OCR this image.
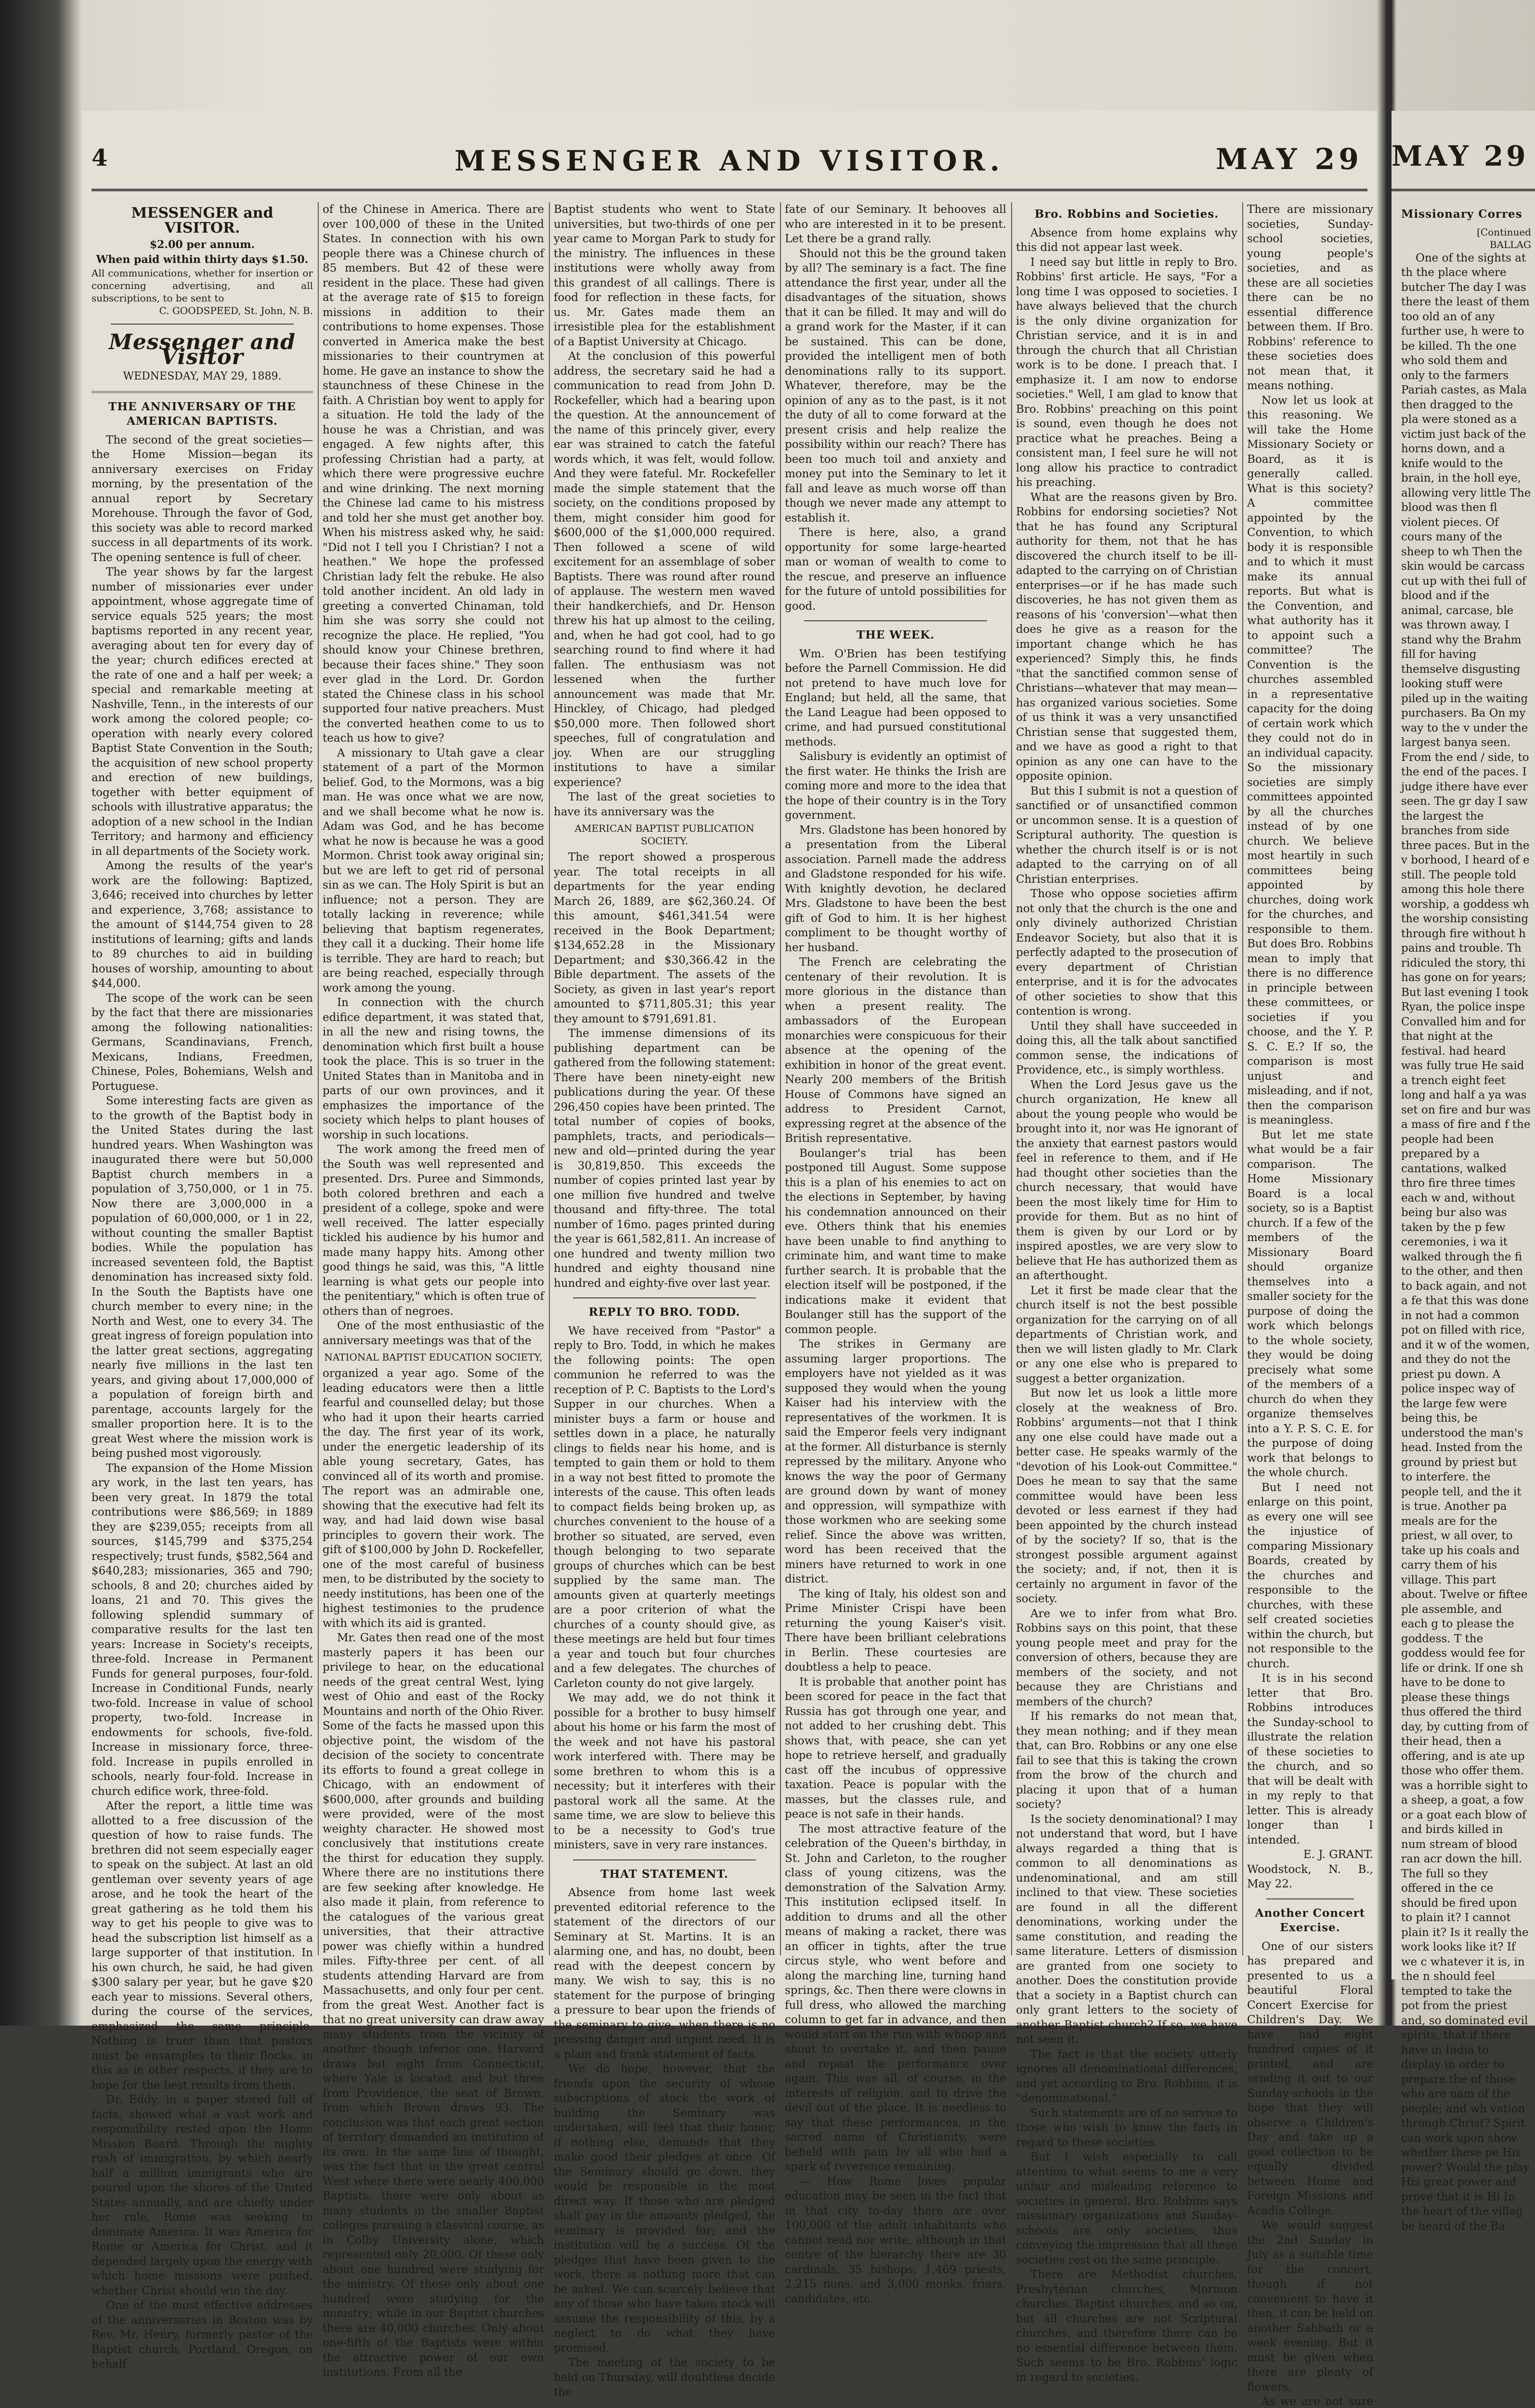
4	MESSENGER AND VISITOR.	MAY 29
MESSENGER and VISITOR.
$2.00 per annum.
When paid within thirty days $1.50.
All communications, whether for insertion or concerning advertising, and all subscriptions, to be sent to
C. GOODSPEED, St. John, N. B.
Messenger and Visitor
WEDNESDAY, MAY 29, 1889.
THE ANNIVERSARY OF THE AMERICAN BAPTISTS.

The second of the great societies—the Home Mission—began its anniversary exercises on Friday morning, by the presentation of the annual report by Secretary Morehouse. Through the favor of God, this society was able to record marked success in all departments of its work. The opening sentence is full of cheer.

The year shows by far the largest number of missionaries ever under appointment, whose aggregate time of service equals 525 years; the most baptisms reported in any recent year, averaging about ten for every day of the year; church edifices erected at the rate of one and a half per week; a special and remarkable meeting at Nashville, Tenn., in the interests of our work among the colored people; co-operation with nearly every colored Baptist State Convention in the South; the acquisition of new school property and erection of new buildings, together with better equipment of schools with illustrative apparatus; the adoption of a new school in the Indian Territory; and harmony and efficiency in all departments of the Society work.

Among the results of the year's work are the following: Baptized, 3,646; received into churches by letter and experience, 3,768; assistance to the amount of $144,754 given to 28 institutions of learning; gifts and lands to 89 churches to aid in building houses of worship, amounting to about $44,000.

The scope of the work can be seen by the fact that there are missionaries among the following nationalities: Germans, Scandinavians, French, Mexicans, Indians, Freedmen, Chinese, Poles, Bohemians, Welsh and Portuguese.

Some interesting facts are given as to the growth of the Baptist body in the United States during the last hundred years. When Washington was inaugurated there were but 50,000 Baptist church members in a population of 3,750,000, or 1 in 75. Now there are 3,000,000 in a population of 60,000,000, or 1 in 22, without counting the smaller Baptist bodies. While the population has increased seventeen fold, the Baptist denomination has increased sixty fold. In the South the Baptists have one church member to every nine; in the North and West, one to every 34. The great ingress of foreign population into the latter great sections, aggregating nearly five millions in the last ten years, and giving about 17,000,000 of a population of foreign birth and parentage, accounts largely for the smaller proportion here. It is to the great West where the mission work is being pushed most vigorously.

The expansion of the Home Mission ary work, in the last ten years, has been very great. In 1879 the total contributions were $86,569; in 1889 they are $239,055; receipts from all sources, $145,799 and $375,254 respectively; trust funds, $582,564 and $640,283; missionaries, 365 and 790; schools, 8 and 20; churches aided by loans, 21 and 70. This gives the following splendid summary of comparative results for the last ten years: Increase in Society's receipts, three-fold. Increase in Permanent Funds for general purposes, four-fold. Increase in Conditional Funds, nearly two-fold. Increase in value of school property, two-fold. Increase in endowments for schools, five-fold. Increase in missionary force, three-fold. Increase in pupils enrolled in schools, nearly four-fold. Increase in church edifice work, three-fold.

After the report, a little time was allotted to a free discussion of the question of how to raise funds. The brethren did not seem especially eager to speak on the subject. At last an old gentleman over seventy years of age arose, and he took the heart of the great gathering as he told them his way to get his people to give was to head the subscription list himself as a large supporter of that institution. In his own church, he said, he had given $300 salary per year, but he gave $20 each year to missions. Several others, during the course of the services, emphasized the same principle. Nothing is truer than that pastors must be ensamples to their flocks, in this as in other respects, if they are to hope for the best results from them.

Dr. Eddy, in a paper stored full of facts, showed what a vast work and responsibility rested upon the Home Mission Board. Through the mighty rush of immigration, by which nearly half a million immigrants who are poured upon the shores of the United States annually, and are chiefly under her rule, Rome was seeking to dominate America. It was America for Rome or America for Christ, and it depended largely upon the energy with which home missions were pushed, whether Christ should win the day.

One of the most effective addresses of the anniversaries in Boston was by Rev. Mr. Henry, formerly pastor of the Baptist church, Portland, Oregon, on behalf

of the Chinese in America. There are over 100,000 of these in the United States. In connection with his own people there was a Chinese church of 85 members. But 42 of these were resident in the place. These had given at the average rate of $15 to foreign missions in addition to their contributions to home expenses. Those converted in America make the best missionaries to their countrymen at home. He gave an instance to show the staunchness of these Chinese in the faith. A Christian boy went to apply for a situation. He told the lady of the house he was a Christian, and was engaged. A few nights after, this professing Christian had a party, at which there were progressive euchre and wine drinking. The next morning the Chinese lad came to his mistress and told her she must get another boy. When his mistress asked why, he said: "Did not I tell you I Christian? I not a heathen." We hope the professed Christian lady felt the rebuke. He also told another incident. An old lady in greeting a converted Chinaman, told him she was sorry she could not recognize the place. He replied, "You should know your Chinese brethren, because their faces shine." They soon ever glad in the Lord. Dr. Gordon stated the Chinese class in his school supported four native preachers. Must the converted heathen come to us to teach us how to give?

A missionary to Utah gave a clear statement of a part of the Mormon belief. God, to the Mormons, was a big man. He was once what we are now, and we shall become what he now is. Adam was God, and he has become what he now is because he was a good Mormon. Christ took away original sin; but we are left to get rid of personal sin as we can. The Holy Spirit is but an influence; not a person. They are totally lacking in reverence; while believing that baptism regenerates, they call it a ducking. Their home life is terrible. They are hard to reach; but are being reached, especially through work among the young.

In connection with the church edifice department, it was stated that, in all the new and rising towns, the denomination which first built a house took the place. This is so truer in the United States than in Manitoba and in parts of our own provinces, and it emphasizes the importance of the society which helps to plant houses of worship in such locations.

The work among the freed men of the South was well represented and presented. Drs. Puree and Simmonds, both colored brethren and each a president of a college, spoke and were well received. The latter especially tickled his audience by his humor and made many happy hits. Among other good things he said, was this, "A little learning is what gets our people into the penitentiary," which is often true of others than of negroes.

One of the most enthusiastic of the anniversary meetings was that of the

NATIONAL BAPTIST EDUCATION SOCIETY,

organized a year ago. Some of the leading educators were then a little fearful and counselled delay; but those who had it upon their hearts carried the day. The first year of its work, under the energetic leadership of its able young secretary, Gates, has convinced all of its worth and promise. The report was an admirable one, showing that the executive had felt its way, and had laid down wise basal principles to govern their work. The gift of $100,000 by John D. Rockefeller, one of the most careful of business men, to be distributed by the society to needy institutions, has been one of the highest testimonies to the prudence with which its aid is granted.

Mr. Gates then read one of the most masterly papers it has been our privilege to hear, on the educational needs of the great central West, lying west of Ohio and east of the Rocky Mountains and north of the Ohio River. Some of the facts he massed upon this objective point, the wisdom of the decision of the society to concentrate its efforts to found a great college in Chicago, with an endowment of $600,000, after grounds and building were provided, were of the most weighty character. He showed most conclusively that institutions create the thirst for education they supply. Where there are no institutions there are few seeking after knowledge. He also made it plain, from reference to the catalogues of the various great universities, that their attractive power was chiefly within a hundred miles. Fifty-three per cent. of all students attending Harvard are from Massachusetts, and only four per cent. from the great West. Another fact is that no great university can draw away many students from the vicinity of another though inferior one. Harvard draws but eight from Connecticut, where Yale is located, and but three from Providence, the seat of Brown, from which Brown draws 93. The conclusion was that each great section of territory demanded an institution of its own. In the same line of thought, was the fact that in the great central West where there were nearly 400,000 Baptists, there were only about as many students in the smaller Baptist colleges pursuing a classical course, as in Colby University alone, which represented only 20,000. Of these only about one hundred were studying for the ministry. Of these only about one hundred were studying for the ministry; while in our Baptist churches there are 40,000 churches. Only about one-fifth of the Baptists were within the attractive power of our own institutions. From all the

Baptist students who went to State universities, but two-thirds of one per year came to Morgan Park to study for the ministry. The influences in these institutions were wholly away from this grandest of all callings. There is food for reflection in these facts, for us. Mr. Gates made them an irresistible plea for the establishment of a Baptist University at Chicago.

At the conclusion of this powerful address, the secretary said he had a communication to read from John D. Rockefeller, which had a bearing upon the question. At the announcement of the name of this princely giver, every ear was strained to catch the fateful words which, it was felt, would follow. And they were fateful. Mr. Rockefeller made the simple statement that the society, on the conditions proposed by them, might consider him good for $600,000 of the $1,000,000 required. Then followed a scene of wild excitement for an assemblage of sober Baptists. There was round after round of applause. The western men waved their handkerchiefs, and Dr. Henson threw his hat up almost to the ceiling, and, when he had got cool, had to go searching round to find where it had fallen. The enthusiasm was not lessened when the further announcement was made that Mr. Hinckley, of Chicago, had pledged $50,000 more. Then followed short speeches, full of congratulation and joy. When are our struggling institutions to have a similar experience?

The last of the great societies to have its anniversary was the

AMERICAN BAPTIST PUBLICATION SOCIETY.

The report showed a prosperous year. The total receipts in all departments for the year ending March 26, 1889, are $62,360.24. Of this amount, $461,341.54 were received in the Book Department; $134,652.28 in the Missionary Department; and $30,366.42 in the Bible department. The assets of the Society, as given in last year's report amounted to $711,805.31; this year they amount to $791,691.81.

The immense dimensions of its publishing department can be gathered from the following statement: There have been ninety-eight new publications during the year. Of these 296,450 copies have been printed. The total number of copies of books, pamphlets, tracts, and periodicals—new and old—printed during the year is 30,819,850. This exceeds the number of copies printed last year by one million five hundred and twelve thousand and fifty-three. The total number of 16mo. pages printed during the year is 661,582,811. An increase of one hundred and twenty million two hundred and eighty thousand nine hundred and eighty-five over last year.

REPLY TO BRO. TODD.

We have received from "Pastor" a reply to Bro. Todd, in which he makes the following points: The open communion he referred to was the reception of P. C. Baptists to the Lord's Supper in our churches. When a minister buys a farm or house and settles down in a place, he naturally clings to fields near his home, and is tempted to gain them or hold to them in a way not best fitted to promote the interests of the cause. This often leads to compact fields being broken up, as churches convenient to the house of a brother so situated, are served, even though belonging to two separate groups of churches which can be best supplied by the same man. The amounts given at quarterly meetings are a poor criterion of what the churches of a county should give, as these meetings are held but four times a year and touch but four churches and a few delegates. The churches of Carleton county do not give largely.

We may add, we do not think it possible for a brother to busy himself about his home or his farm the most of the week and not have his pastoral work interfered with. There may be some brethren to whom this is a necessity; but it interferes with their pastoral work all the same. At the same time, we are slow to believe this to be a necessity to God's true ministers, save in very rare instances.

THAT STATEMENT.

Absence from home last week prevented editorial reference to the statement of the directors of our Seminary at St. Martins. It is an alarming one, and has, no doubt, been read with the deepest concern by many. We wish to say, this is no statement for the purpose of bringing a pressure to bear upon the friends of the seminary to give, when there is no pressing danger and urgent need. It is a plain and frank statement of facts.

We do hope, however, that the friends upon the security of whose subscriptions of stock the work of building the Seminary was undertaken, will feel that their honor, if nothing else, demands that they make good their pledges at once. Of the Seminary should go down, they would be responsible in the most direct way. If those who are pledged shall pay in the amounts pledged, the seminary is provided for; and the institution will be a success. Of the pledges that have been given to the work, there is nothing more that can be asked. We can scarcely believe that any of those who have taken stock will assume the responsibility of this, by a neglect to do what they have promised.

The meeting of the society to be held on Thursday, will doubtless decide the

fate of our Seminary. It behooves all who are interested in it to be present. Let there be a grand rally.

Should not this be the ground taken by all? The seminary is a fact. The fine attendance the first year, under all the disadvantages of the situation, shows that it can be filled. It may and will do a grand work for the Master, if it can be sustained. This can be done, provided the intelligent men of both denominations rally to its support. Whatever, therefore, may be the opinion of any as to the past, is it not the duty of all to come forward at the present crisis and help realize the possibility within our reach? There has been too much toil and anxiety and money put into the Seminary to let it fall and leave as much worse off than though we never made any attempt to establish it.

There is here, also, a grand opportunity for some large-hearted man or woman of wealth to come to the rescue, and preserve an influence for the future of untold possibilities for good.

THE WEEK.

Wm. O'Brien has been testifying before the Parnell Commission. He did not pretend to have much love for England; but held, all the same, that the Land League had been opposed to crime, and had pursued constitutional methods.

Salisbury is evidently an optimist of the first water. He thinks the Irish are coming more and more to the idea that the hope of their country is in the Tory government.

Mrs. Gladstone has been honored by a presentation from the Liberal association. Parnell made the address and Gladstone responded for his wife. With knightly devotion, he declared Mrs. Gladstone to have been the best gift of God to him. It is her highest compliment to be thought worthy of her husband.

The French are celebrating the centenary of their revolution. It is more glorious in the distance than when a present reality. The ambassadors of the European monarchies were conspicuous for their absence at the opening of the exhibition in honor of the great event. Nearly 200 members of the British House of Commons have signed an address to President Carnot, expressing regret at the absence of the British representative.

Boulanger's trial has been postponed till August. Some suppose this is a plan of his enemies to act on the elections in September, by having his condemnation announced on their eve. Others think that his enemies have been unable to find anything to criminate him, and want time to make further search. It is probable that the election itself will be postponed, if the indications make it evident that Boulanger still has the support of the common people.

The strikes in Germany are assuming larger proportions. The employers have not yielded as it was supposed they would when the young Kaiser had his interview with the representatives of the workmen. It is said the Emperor feels very indignant at the former. All disturbance is sternly repressed by the military. Anyone who knows the way the poor of Germany are ground down by want of money and oppression, will sympathize with those workmen who are seeking some relief. Since the above was written, word has been received that the miners have returned to work in one district.

The king of Italy, his oldest son and Prime Minister Crispi have been returning the young Kaiser's visit. There have been brilliant celebrations in Berlin. These courtesies are doubtless a help to peace.

It is probable that another point has been scored for peace in the fact that Russia has got through one year, and not added to her crushing debt. This shows that, with peace, she can yet hope to retrieve herself, and gradually cast off the incubus of oppressive taxation. Peace is popular with the masses, but the classes rule, and peace is not safe in their hands.

The most attractive feature of the celebration of the Queen's birthday, in St. John and Carleton, to the rougher class of young citizens, was the demonstration of the Salvation Army. This institution eclipsed itself. In addition to drums and all the other means of making a racket, there was an officer in tights, after the true circus style, who went before and along the marching line, turning hand springs, &c. Then there were clowns in full dress, who allowed the marching column to get far in advance, and then would start on the run with whoop and shout to overtake it, and then pause and repeat the performance over again. This was all, of course, in the interests of religion, and to drive the devil out of the place. It is needless to say that these performances, in the sacred name of Christianity, were beheld with pain by all who had a spark of reverence remaining.

— How Rome loves popular education may be seen in the fact that in that city to-day there are over 100,000 of the adult inhabitants who cannot read nor write, although in that centre of the hierarchy there are 30 cardinals, 35 bishops, 1,469 priests, 2,215 nuns, and 3,000 monks, friars, candidates, etc.

Bro. Robbins and Societies.

Absence from home explains why this did not appear last week.

I need say but little in reply to Bro. Robbins' first article. He says, "For a long time I was opposed to societies. I have always believed that the church is the only divine organization for Christian service, and it is in and through the church that all Christian work is to be done. I preach that. I emphasize it. I am now to endorse societies." Well, I am glad to know that Bro. Robbins' preaching on this point is sound, even though he does not practice what he preaches. Being a consistent man, I feel sure he will not long allow his practice to contradict his preaching.

What are the reasons given by Bro. Robbins for endorsing societies? Not that he has found any Scriptural authority for them, not that he has discovered the church itself to be ill-adapted to the carrying on of Christian enterprises—or if he has made such discoveries, he has not given them as reasons of his 'conversion'—what then does he give as a reason for the important change which he has experienced? Simply this, he finds "that the sanctified common sense of Christians—whatever that may mean—has organized various societies. Some of us think it was a very unsanctified Christian sense that suggested them, and we have as good a right to that opinion as any one can have to the opposite opinion.

But this I submit is not a question of sanctified or of unsanctified common or uncommon sense. It is a question of Scriptural authority. The question is whether the church itself is or is not adapted to the carrying on of all Christian enterprises.

Those who oppose societies affirm not only that the church is the one and only divinely authorized Christian Endeavor Society, but also that it is perfectly adapted to the prosecution of every department of Christian enterprise, and it is for the advocates of other societies to show that this contention is wrong.

Until they shall have succeeded in doing this, all the talk about sanctified common sense, the indications of Providence, etc., is simply worthless.

When the Lord Jesus gave us the church organization, He knew all about the young people who would be brought into it, nor was He ignorant of the anxiety that earnest pastors would feel in reference to them, and if He had thought other societies than the church necessary, that would have been the most likely time for Him to provide for them. But as no hint of them is given by our Lord or by inspired apostles, we are very slow to believe that He has authorized them as an afterthought.

Let it first be made clear that the church itself is not the best possible organization for the carrying on of all departments of Christian work, and then we will listen gladly to Mr. Clark or any one else who is prepared to suggest a better organization.

But now let us look a little more closely at the weakness of Bro. Robbins' arguments—not that I think any one else could have made out a better case. He speaks warmly of the "devotion of his Look-out Committee." Does he mean to say that the same committee would have been less devoted or less earnest if they had been appointed by the church instead of by the society? If so, that is the strongest possible argument against the society; and, if not, then it is certainly no argument in favor of the society.

Are we to infer from what Bro. Robbins says on this point, that these young people meet and pray for the conversion of others, because they are members of the society, and not because they are Christians and members of the church?

If his remarks do not mean that, they mean nothing; and if they mean that, can Bro. Robbins or any one else fail to see that this is taking the crown from the brow of the church and placing it upon that of a human society?

Is the society denominational? I may not understand that word, but I have always regarded a thing that is common to all denominations as undenominational, and am still inclined to that view. These societies are found in all the different denominations, working under the same constitution, and reading the same literature. Letters of dismission are granted from one society to another. Does the constitution provide that a society in a Baptist church can only grant letters to the society of another Baptist church? If so, we have not seen it.

The fact is that the society utterly ignores all denominational differences, and yet according to Bro. Robbins, it is "denominational."

Such statements are of no service to those who wish to know the facts in regard to these societies.

But I wish especially to call attention to what seems to me a very unfair and misleading reference to societies in general. Bro. Robbins says missionary organizations and Sunday-schools are only societies; thus conveying the impression that all these societies rest on the same principle.

There are Methodist churches, Presbyterian churches, Mormon churches, Baptist churches, and so on, but all churches are not Scriptural churches, and therefore there can be no essential difference between them. Such seems to be Bro. Robbins' logic in regard to societies.

There are missionary societies, Sunday-school societies, young people's societies, and as these are all societies there can be no essential difference between them. If Bro. Robbins' reference to these societies does not mean that, it means nothing.

Now let us look at this reasoning. We will take the Home Missionary Society or Board, as it is generally called. What is this society? A committee appointed by the Convention, to which body it is responsible and to which it must make its annual reports. But what is the Convention, and what authority has it to appoint such a committee? The Convention is the churches assembled in a representative capacity for the doing of certain work which they could not do in an individual capacity. So the missionary societies are simply committees appointed by all the churches instead of by one church. We believe most heartily in such committees being appointed by churches, doing work for the churches, and responsible to them. But does Bro. Robbins mean to imply that there is no difference in principle between these committees, or societies if you choose, and the Y. P. S. C. E.? If so, the comparison is most unjust and misleading, and if not, then the comparison is meaningless.

But let me state what would be a fair comparison. The Home Missionary Board is a local society, so is a Baptist church. If a few of the members of the Missionary Board should organize themselves into a smaller society for the purpose of doing the work which belongs to the whole society, they would be doing precisely what some of the members of a church do when they organize themselves into a Y. P. S. C. E. for the purpose of doing work that belongs to the whole church.

But I need not enlarge on this point, as every one will see the injustice of comparing Missionary Boards, created by the churches and responsible to the churches, with these self created societies within the church, but not responsible to the church.

It is in his second letter that Bro. Robbins introduces the Sunday-school to illustrate the relation of these societies to the church, and so that will be dealt with in my reply to that letter. This is already longer than I intended.

E. J. GRANT.
Woodstock, N. B., May 22.
Another Concert Exercise.

One of our sisters has prepared and presented to us a beautiful Floral Concert Exercise for Children's Day. We have had eight hundred copies of it printed, and are sending it out to our Sunday-schools in the hope that they will observe a Children's Day and take up a good collection to be equally divided between Home and Foreign Missions and Acadia College.

We would suggest the 2nd Sunday in July as a suitable time for the concert, though if not convenient to have it then, it can be held on another Sabbath or a week evening. But it must be given when there are plenty of flowers.

As we are not sure

MAY 29
Missionary Corres
[Continued
BALLAG

One of the sights at th the place where butcher The day I was there the least of them too old an of any further use, h were to be killed. Th the one who sold them and only to the farmers Pariah castes, as Mala then dragged to the pla were stoned as a victim just back of the horns down, and a knife would to the brain, in the holl eye, allowing very little The blood was then fl violent pieces. Of cours many of the sheep to wh Then the skin would be carcass cut up with thei full of blood and if the animal, carcase, ble was thrown away. I stand why the Brahm fill for having themselve disgusting looking stuff were piled up in the waiting purchasers. Ba On my way to the v under the largest banya seen. From the end / side, to the end of the paces. I judge ithere have ever seen. The gr day I saw the largest the branches from side three paces. But in the v borhood, I heard of e still. The people told among this hole there worship, a goddess wh the worship consisting through fire without h pains and trouble. Th ridiculed the story, thi has gone on for years; But last evening I took Ryan, the police inspe Convalled him and for that night at the festival. had heard was fully true He said a trench eight feet long and half a ya was set on fire and bur was a mass of fire and f the people had been prepared by a cantations, walked thro fire three times each w and, without being bur also was taken by the p few ceremonies, i wa it walked through the fi to the other, and then to back again, and not a fe that this was done in not had a common pot on filled with rice, and it w of the women, and they do not the priest pu down. A police inspec way of the large few were being this, be understood the man's head. Insted from the ground by priest but to interfere. the people tell, and the it is true. Another pa meals are for the priest, w all over, to take up his coals and carry them of his village. This part about. Twelve or fiftee ple assemble, and each g to please the goddess. T the goddess would fee for life or drink. If one sh have to be done to please these things thus offered the third day, by cutting from of their head, then a offering, and is ate up those who offer them. was a horrible sight to a sheep, a goat, a fow or a goat each blow of and birds killed in num stream of blood ran acr down the hill. The full so they offered in the ce should be fired upon to plain it? I cannot plain it? Is it really the work looks like it? If we c whatever it is, in the n should feel tempted to take the pot from the priest and, so dominated evil spirits, that if there have in India to display in order to prepare the of those who are nam of the people; and wh vation through Christ? Spirit can work upon show whether these pe His power? Would the play His great power and prove that it is Hi In the heart of the villag be heard of the Ba
